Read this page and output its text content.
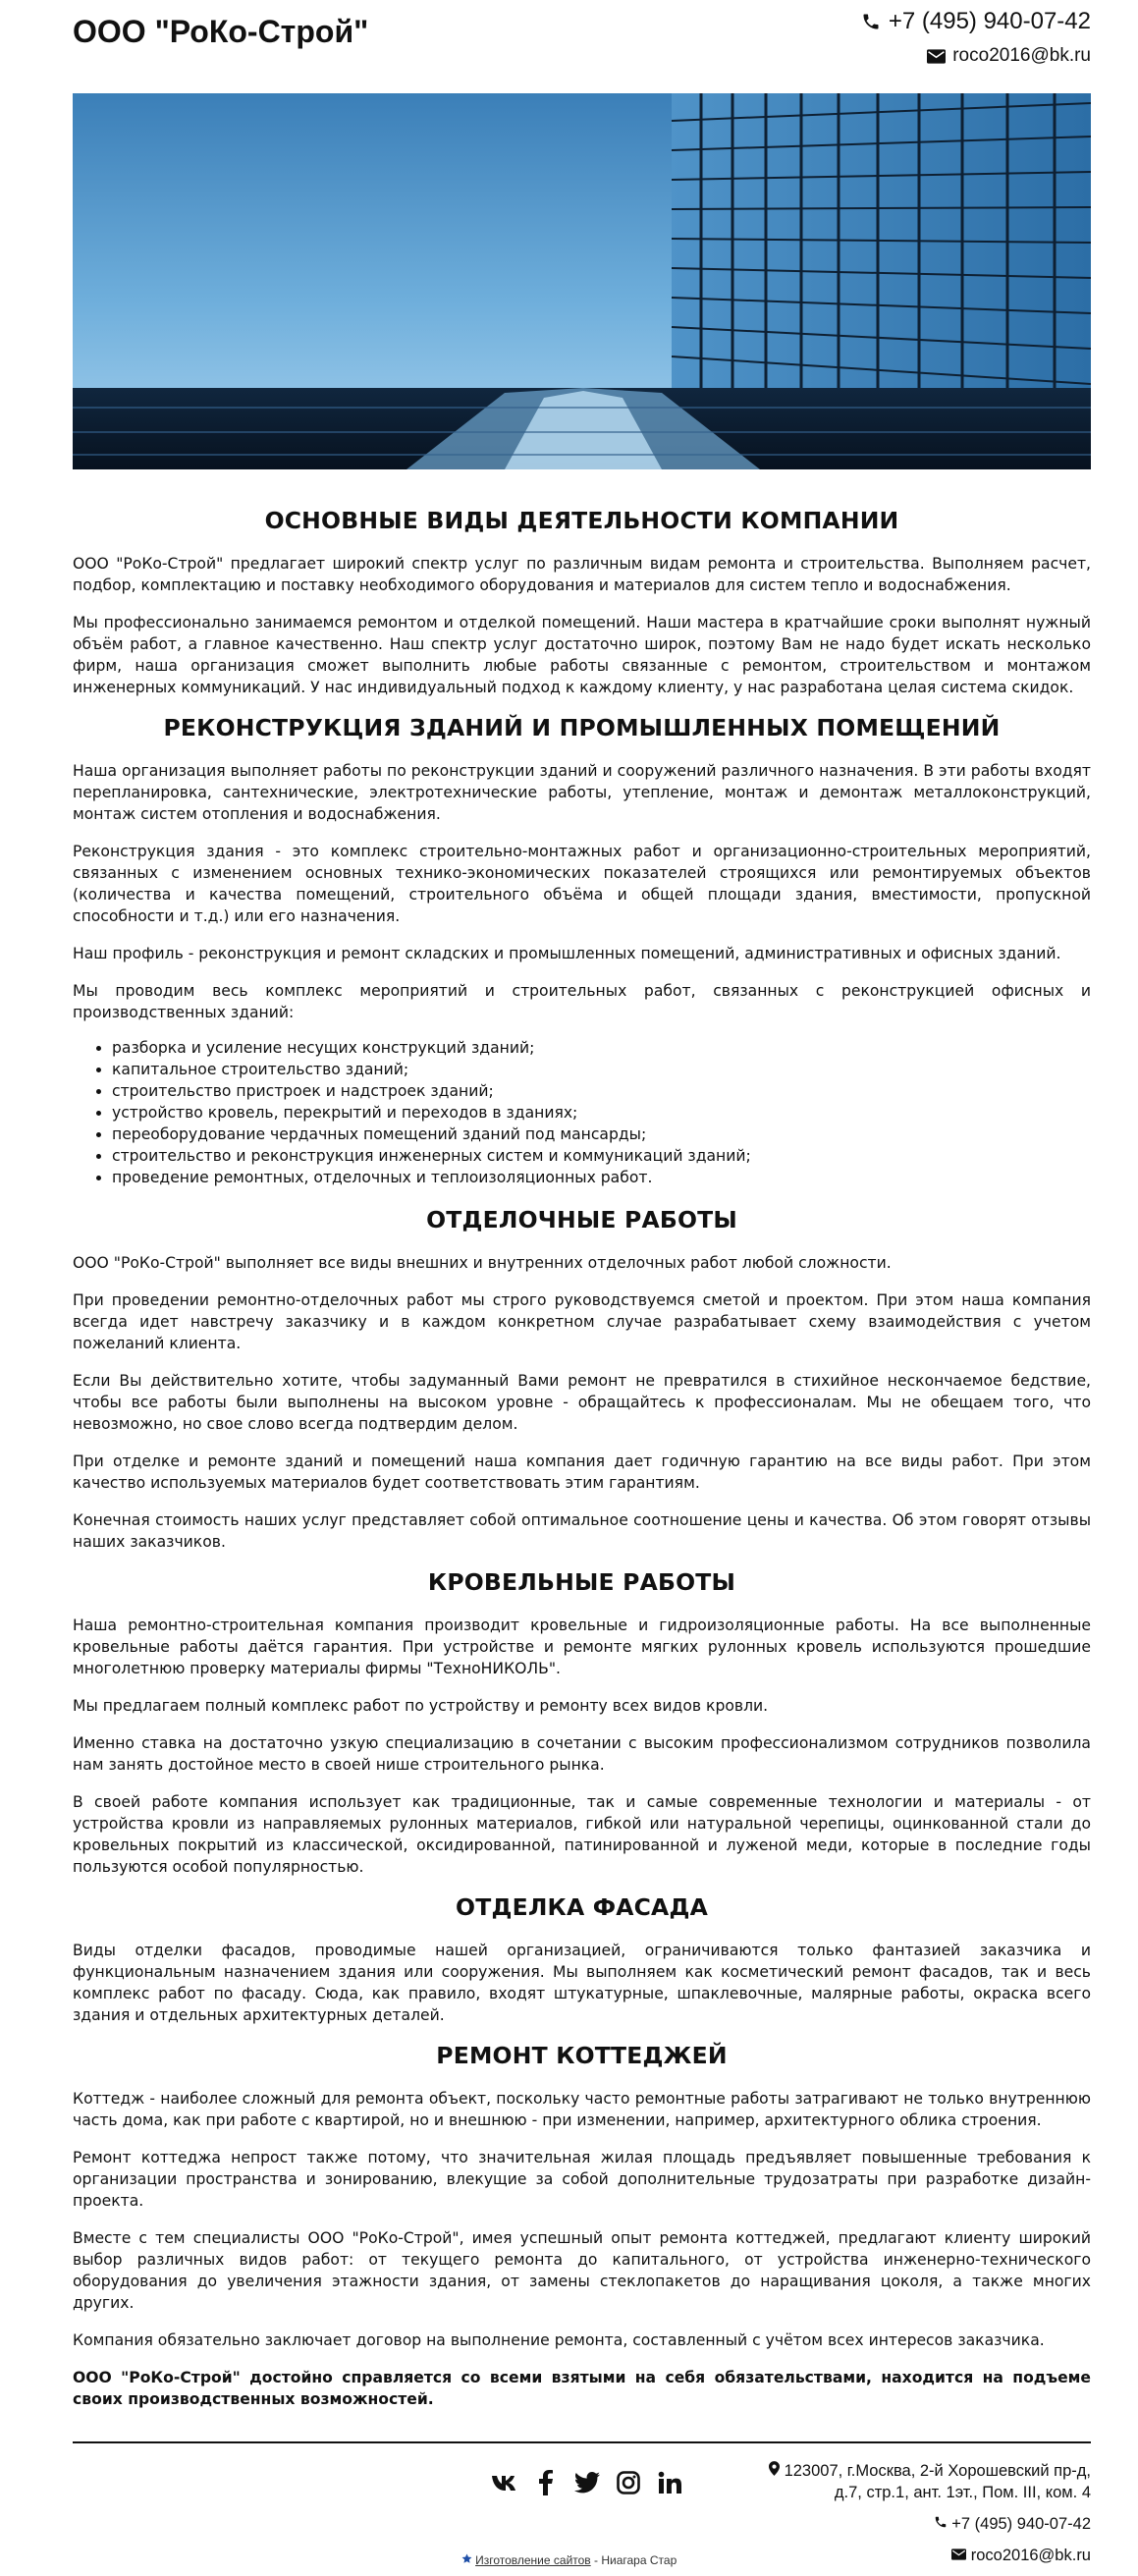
ООО "РоКо-Строй"	+7 (495) 940-07-42
roco2016@bk.ru
ОСНОВНЫЕ ВИДЫ ДЕЯТЕЛЬНОСТИ КОМПАНИИ

ООО "РоКо-Строй" предлагает широкий спектр услуг по различным видам ремонта и строительства. Выполняем расчет, подбор, комплектацию и поставку необходимого оборудования и материалов для систем тепло и водоснабжения.

Мы профессионально занимаемся ремонтом и отделкой помещений. Наши мастера в кратчайшие сроки выполнят нужный объём работ, а главное качественно. Наш спектр услуг достаточно широк, поэтому Вам не надо будет искать несколько фирм, наша организация сможет выполнить любые работы связанные с ремонтом, строительством и монтажом инженерных коммуникаций. У нас индивидуальный подход к каждому клиенту, у нас разработана целая система скидок.

РЕКОНСТРУКЦИЯ ЗДАНИЙ И ПРОМЫШЛЕННЫХ ПОМЕЩЕНИЙ

Наша организация выполняет работы по реконструкции зданий и сооружений различного назначения. В эти работы входят перепланировка, сантехнические, электротехнические работы, утепление, монтаж и демонтаж металлоконструкций, монтаж систем отопления и водоснабжения.

Реконструкция здания - это комплекс строительно-монтажных работ и организационно-строительных мероприятий, связанных с изменением основных технико-экономических показателей строящихся или ремонтируемых объектов (количества и качества помещений, строительного объёма и общей площади здания, вместимости, пропускной способности и т.д.) или его назначения.

Наш профиль - реконструкция и ремонт складских и промышленных помещений, административных и офисных зданий.

Мы проводим весь комплекс мероприятий и строительных работ, связанных с реконструкцией офисных и производственных зданий:

• разборка и усиление несущих конструкций зданий;
• капитальное строительство зданий;
• строительство пристроек и надстроек зданий;
• устройство кровель, перекрытий и переходов в зданиях;
• переоборудование чердачных помещений зданий под мансарды;
• строительство и реконструкция инженерных систем и коммуникаций зданий;
• проведение ремонтных, отделочных и теплоизоляционных работ.
ОТДЕЛОЧНЫЕ РАБОТЫ

ООО "РоКо-Строй" выполняет все виды внешних и внутренних отделочных работ любой сложности.

При проведении ремонтно-отделочных работ мы строго руководствуемся сметой и проектом. При этом наша компания всегда идет навстречу заказчику и в каждом конкретном случае разрабатывает схему взаимодействия с учетом пожеланий клиента.

Если Вы действительно хотите, чтобы задуманный Вами ремонт не превратился в стихийное нескончаемое бедствие, чтобы все работы были выполнены на высоком уровне - обращайтесь к профессионалам. Мы не обещаем того, что невозможно, но свое слово всегда подтвердим делом.

При отделке и ремонте зданий и помещений наша компания дает годичную гарантию на все виды работ. При этом качество используемых материалов будет соответствовать этим гарантиям.

Конечная стоимость наших услуг представляет собой оптимальное соотношение цены и качества. Об этом говорят отзывы наших заказчиков.

КРОВЕЛЬНЫЕ РАБОТЫ

Наша ремонтно-строительная компания производит кровельные и гидроизоляционные работы. На все выполненные кровельные работы даётся гарантия. При устройстве и ремонте мягких рулонных кровель используются прошедшие многолетнюю проверку материалы фирмы "ТехноНИКОЛЬ".

Мы предлагаем полный комплекс работ по устройству и ремонту всех видов кровли.

Именно ставка на достаточно узкую специализацию в сочетании с высоким профессионализмом сотрудников позволила нам занять достойное место в своей нише строительного рынка.

В своей работе компания использует как традиционные, так и самые современные технологии и материалы - от устройства кровли из направляемых рулонных материалов, гибкой или натуральной черепицы, оцинкованной стали до кровельных покрытий из классической, оксидированной, патинированной и луженой меди, которые в последние годы пользуются особой популярностью.

ОТДЕЛКА ФАСАДА

Виды отделки фасадов, проводимые нашей организацией, ограничиваются только фантазией заказчика и функциональным назначением здания или сооружения. Мы выполняем как косметический ремонт фасадов, так и весь комплекс работ по фасаду. Сюда, как правило, входят штукатурные, шпаклевочные, малярные работы, окраска всего здания и отдельных архитектурных деталей.

РЕМОНТ КОТТЕДЖЕЙ

Коттедж - наиболее сложный для ремонта объект, поскольку часто ремонтные работы затрагивают не только внутреннюю часть дома, как при работе с квартирой, но и внешнюю - при изменении, например, архитектурного облика строения.

Ремонт коттеджа непрост также потому, что значительная жилая площадь предъявляет повышенные требования к организации пространства и зонированию, влекущие за собой дополнительные трудозатраты при разработке дизайн-проекта.

Вместе с тем специалисты ООО "РоКо-Строй", имея успешный опыт ремонта коттеджей, предлагают клиенту широкий выбор различных видов работ: от текущего ремонта до капитального, от устройства инженерно-технического оборудования до увеличения этажности здания, от замены стеклопакетов до наращивания цоколя, а также многих других.

Компания обязательно заключает договор на выполнение ремонта, составленный с учётом всех интересов заказчика.

ООО "РоКо-Строй" достойно справляется со всеми взятыми на себя обязательствами, находится на подъеме своих производственных возможностей.

123007, г.Москва, 2-й Хорошевский пр-д, д.7, стр.1, ант. 1эт., Пом. III, ком. 4
+7 (495) 940-07-42
roco2016@bk.ru
Изготовление сайтов - Ниагара Стар
